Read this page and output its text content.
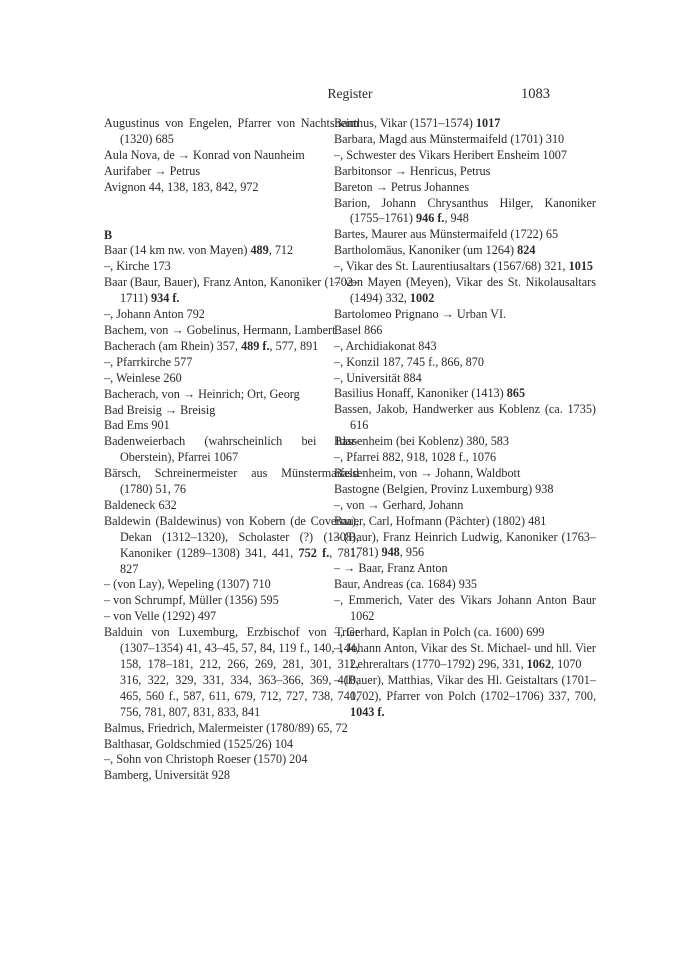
Register	1083
Augustinus von Engelen, Pfarrer von Nachtsheim (1320) 685
Aula Nova, de → Konrad von Naunheim
Aurifaber → Petrus
Avignon 44, 138, 183, 842, 972
B
Baar (14 km nw. von Mayen) 489, 712
–, Kirche 173
Baar (Baur, Bauer), Franz Anton, Kanoniker (1702–1711) 934 f.
–, Johann Anton 792
Bachem, von → Gobelinus, Hermann, Lambert
Bacherach (am Rhein) 357, 489 f., 577, 891
–, Pfarrkirche 577
–, Weinlese 260
Bacherach, von → Heinrich; Ort, Georg
Bad Breisig → Breisig
Bad Ems 901
Badenweierbach (wahrscheinlich bei Idar-Oberstein), Pfarrei 1067
Bärsch, Schreinermeister aus Münstermaifeld (1780) 51, 76
Baldeneck 632
Baldewin (Baldewinus) von Kobern (de Coverna), Dekan (1312–1320), Scholaster (?) (1308), Kanoniker (1289–1308) 341, 441, 752 f., 781, 827
– (von Lay), Wepeling (1307) 710
– von Schrumpf, Müller (1356) 595
– von Velle (1292) 497
Balduin von Luxemburg, Erzbischof von Trier (1307–1354) 41, 43–45, 57, 84, 119 f., 140, 144, 158, 178–181, 212, 266, 269, 281, 301, 312, 316, 322, 329, 331, 334, 363–366, 369, 410, 465, 560 f., 587, 611, 679, 712, 727, 738, 740, 756, 781, 807, 831, 833, 841
Balmus, Friedrich, Malermeister (1780/89) 65, 72
Balthasar, Goldschmied (1525/26) 104
–, Sohn von Christoph Roeser (1570) 204
Bamberg, Universität 928
Banthus, Vikar (1571–1574) 1017
Barbara, Magd aus Münstermaifeld (1701) 310
–, Schwester des Vikars Heribert Ensheim 1007
Barbitonsor → Henricus, Petrus
Bareton → Petrus Johannes
Barion, Johann Chrysanthus Hilger, Kanoniker (1755–1761) 946 f., 948
Bartes, Maurer aus Münstermaifeld (1722) 65
Bartholomäus, Kanoniker (um 1264) 824
–, Vikar des St. Laurentiusaltars (1567/68) 321, 1015
– von Mayen (Meyen), Vikar des St. Nikolausaltars (1494) 332, 1002
Bartolomeo Prignano → Urban VI.
Basel 866
–, Archidiakonat 843
–, Konzil 187, 745 f., 866, 870
–, Universität 884
Basilius Honaff, Kanoniker (1413) 865
Bassen, Jakob, Handwerker aus Koblenz (ca. 1735) 616
Bassenheim (bei Koblenz) 380, 583
–, Pfarrei 882, 918, 1028 f., 1076
Bassenheim, von → Johann, Waldbott
Bastogne (Belgien, Provinz Luxemburg) 938
–, von → Gerhard, Johann
Bauer, Carl, Hofmann (Pächter) (1802) 481
– (Baur), Franz Heinrich Ludwig, Kanoniker (1763–1781) 948, 956
– → Baar, Franz Anton
Baur, Andreas (ca. 1684) 935
–, Emmerich, Vater des Vikars Johann Anton Baur 1062
–, Gerhard, Kaplan in Polch (ca. 1600) 699
–, Johann Anton, Vikar des St. Michael- und hll. Vier Lehreraltars (1770–1792) 296, 331, 1062, 1070
– (Bauer), Matthias, Vikar des Hl. Geistaltars (1701–1702), Pfarrer von Polch (1702–1706) 337, 700, 1043 f.
